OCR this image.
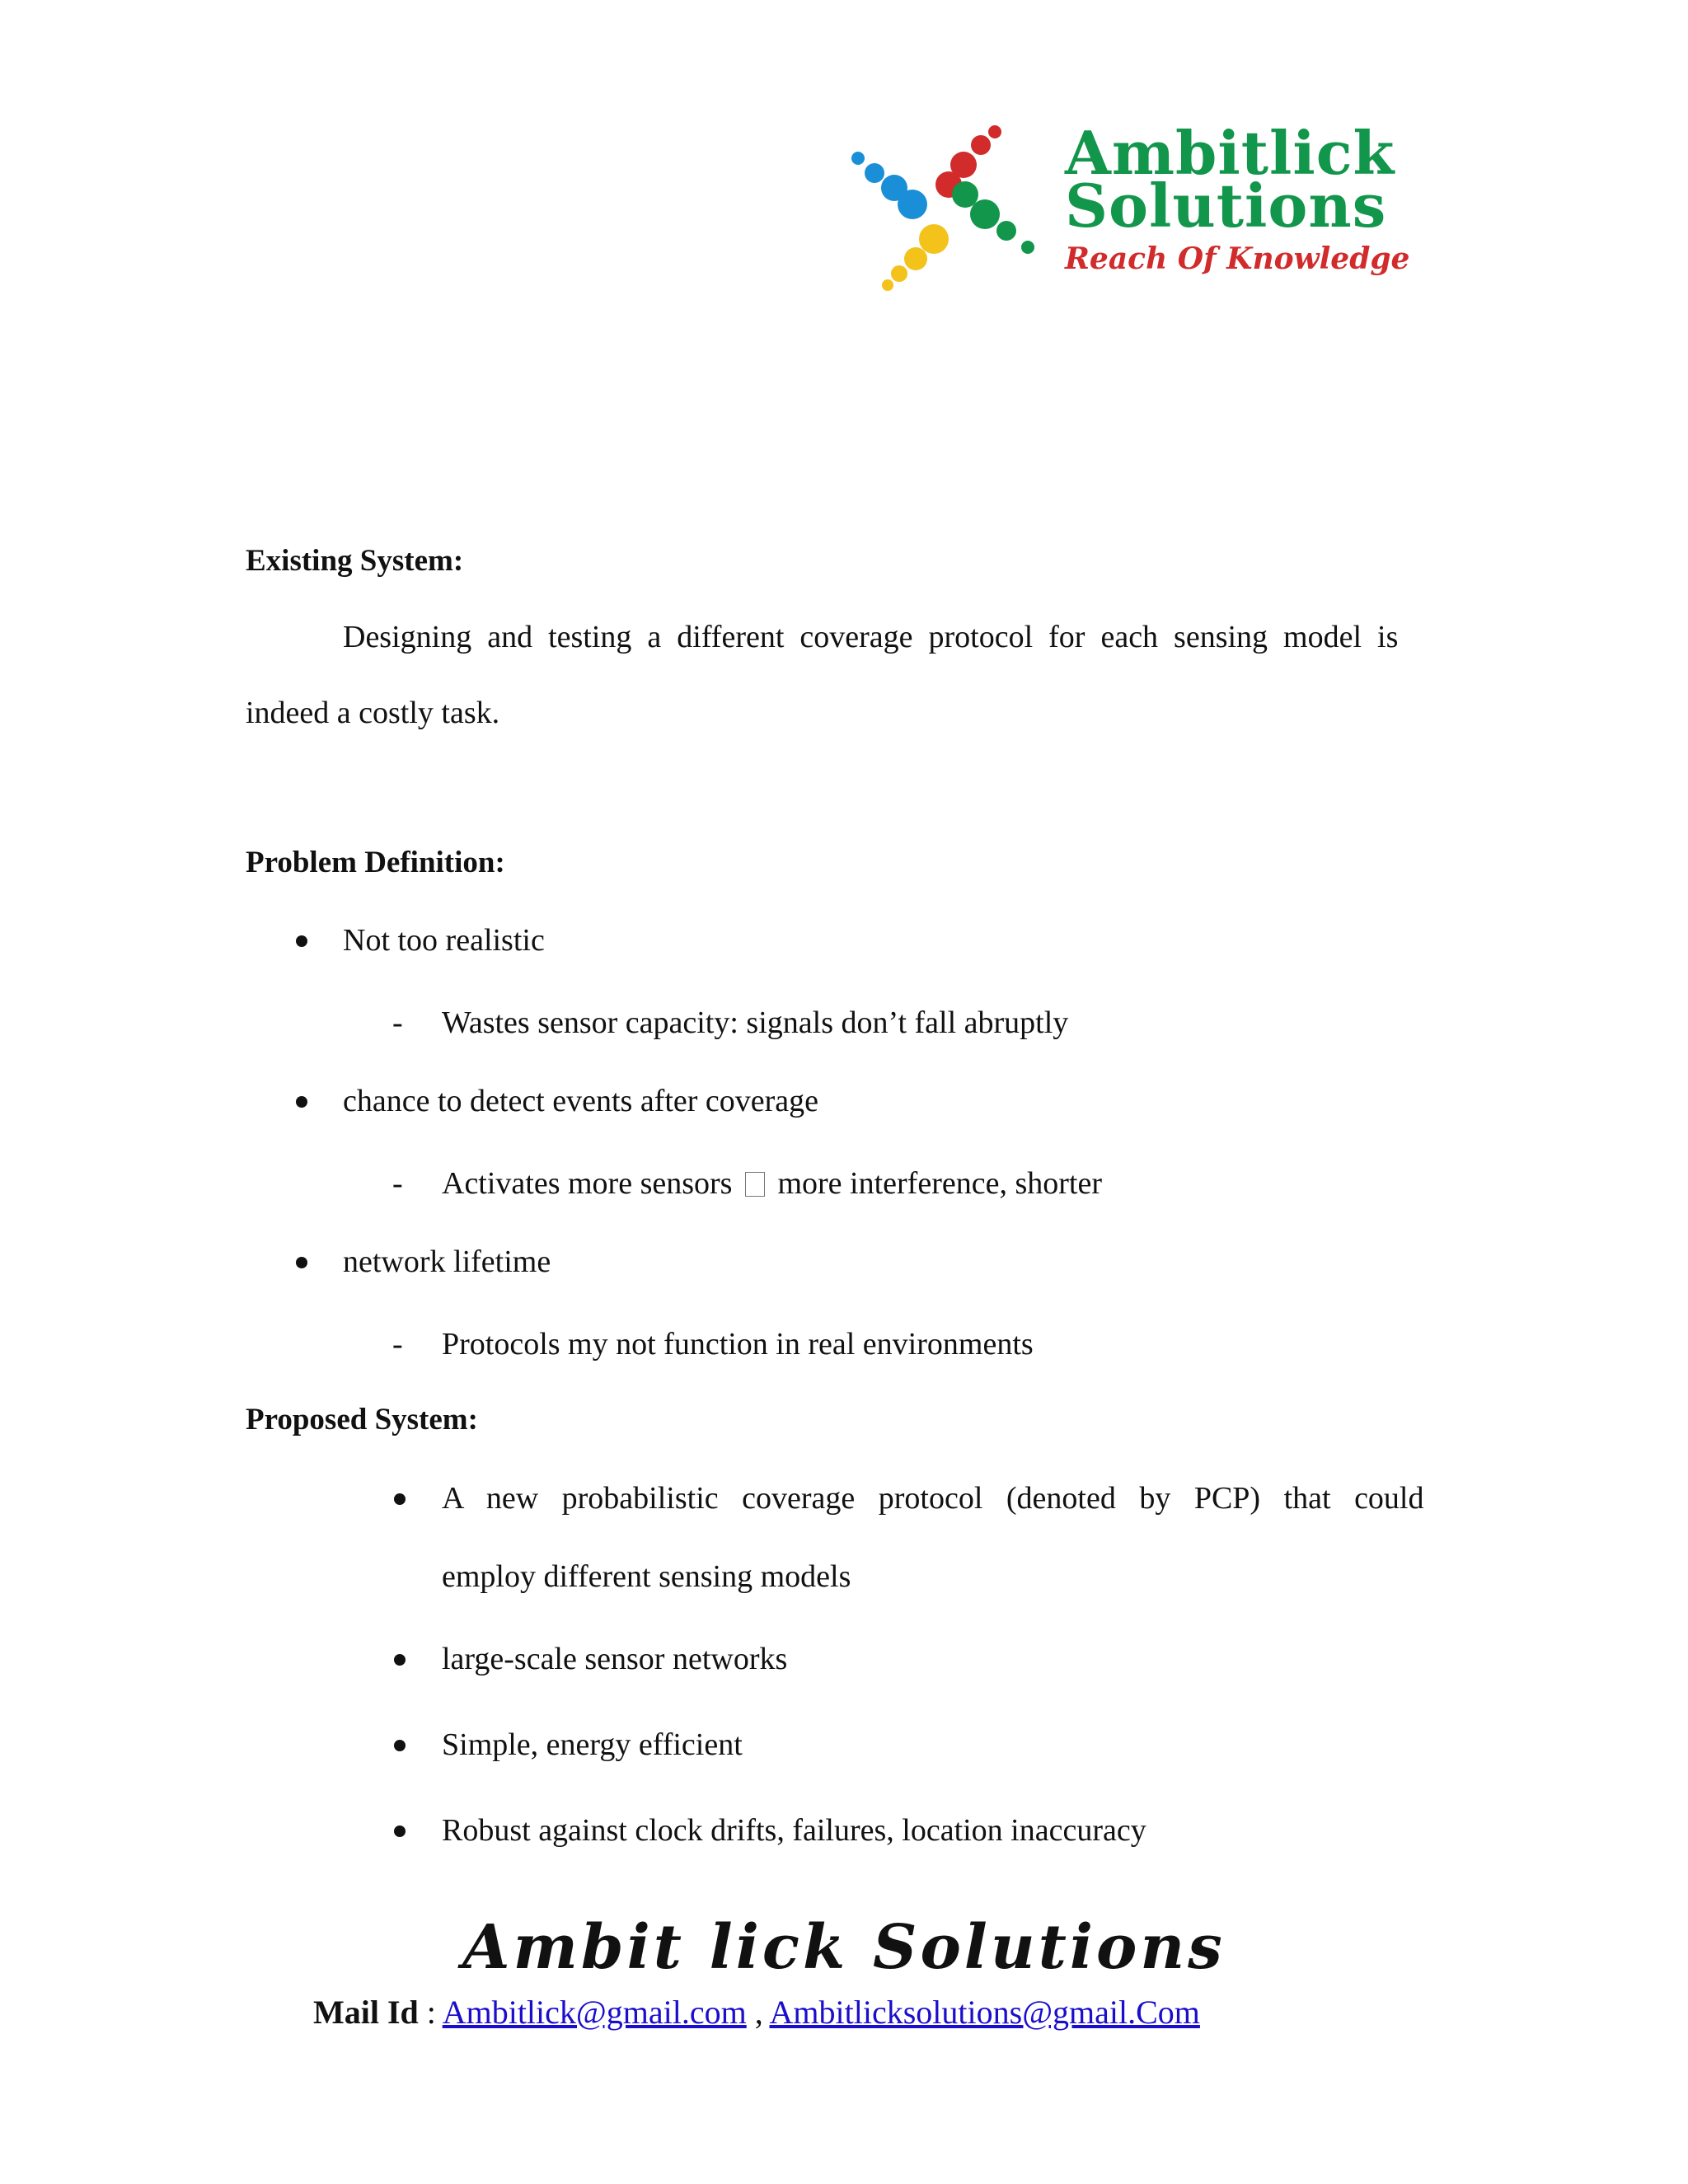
Ambitlick
Solutions
Reach Of Knowledge
Existing System:
Designing  and  testing  a  different  coverage  protocol  for  each  sensing  model  is
indeed a costly task.
Problem Definition:
Not too realistic
- Wastes sensor capacity: signals don’t fall abruptly
chance to detect events after coverage
- Activates more sensors more interference, shorter
network lifetime
- Protocols my not function in real environments
Proposed System:
A   new   probabilistic   coverage   protocol   (denoted   by   PCP)   that   could
employ different sensing models
large-scale sensor networks
Simple, energy efficient
Robust against clock drifts, failures, location inaccuracy
Ambit lick Solutions
Mail Id : Ambitlick@gmail.com , Ambitlicksolutions@gmail.Com
